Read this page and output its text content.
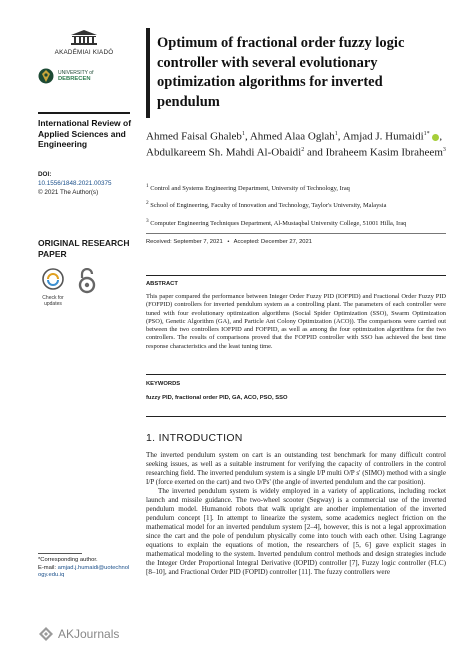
AKADÉMIAI KIADÓ
UNIVERSITY of
DEBRECEN
International Review of Applied Sciences and Engineering
DOI:
10.1556/1848.2021.00375
© 2021 The Author(s)
ORIGINAL RESEARCH PAPER
Check for updates
*Corresponding author.
E-mail: amjad.j.humaidi@uotechnology.edu.iq
AKJournals
Optimum of fractional order fuzzy logic controller with several evolutionary optimization algorithms for inverted pendulum
Ahmed Faisal Ghaleb$^1$, Ahmed Alaa Oglah$^1$, Amjad J. Humaidi$^{1*}$ , Abdulkareem Sh. Mahdi Al-Obaidi$^2$ and Ibraheem Kasim Ibraheem$^3$
$^1$ Control and Systems Engineering Department, University of Technology, Iraq
$^2$ School of Engineering, Faculty of Innovation and Technology, Taylor's University, Malaysia
$^3$ Computer Engineering Techniques Department, Al-Mustaqbal University College, 51001 Hilla, Iraq
Received: September 7, 2021 • Accepted: December 27, 2021
ABSTRACT
This paper compared the performance between Integer Order Fuzzy PID (IOFPID) and Fractional Order Fuzzy PID (FOFPID) controllers for inverted pendulum system as a controlling plant. The parameters of each controller were tuned with four evolutionary optimization algorithms (Social Spider Optimization (SSO), Swarm Optimization (PSO), Genetic Algorithm (GA), and Particle Ant Colony Optimization (ACO)). The comparisons were carried out between the two controllers IOFPID and FOFPID, as well as among the four optimization algorithms for the two controllers. The results of comparisons proved that the FOFPID controller with SSO has achieved the best time response characteristics and the least tuning time.
KEYWORDS
fuzzy PID, fractional order PID, GA, ACO, PSO, SSO
1. INTRODUCTION

The inverted pendulum system on cart is an outstanding test benchmark for many difficult control seeking issues, as well as a suitable instrument for verifying the capacity of controllers in the control researching field. The inverted pendulum system is a single I/P multi O/P s' (SIMO) method with a single I/P (force exerted on the cart) and two O/Ps' (the angle of inverted pendulum and the car position).

The inverted pendulum system is widely employed in a variety of applications, including rocket launch and missile guidance. The two-wheel scooter (Segway) is a commercial use of the inverted pendulum model. Humanoid robots that walk upright are another implementation of the inverted pendulum concept [1]. In attempt to linearize the system, some academics neglect friction on the mathematical model for an inverted pendulum system [2–4], however, this is not a legal approximation since the cart and the pole of pendulum physically come into touch with each other. Using Lagrange equations to explain the equations of motion, the researchers of [5, 6] gave explicit stages in mathematical modeling to the system. Inverted pendulum control methods and design strategies include the Integer Order Proportional Integral Derivative (IOPID) controller [7], Fuzzy logic controller (FLC) [8–10], and Fractional Order PID (FOPID) controller [11]. The fuzzy controllers were
